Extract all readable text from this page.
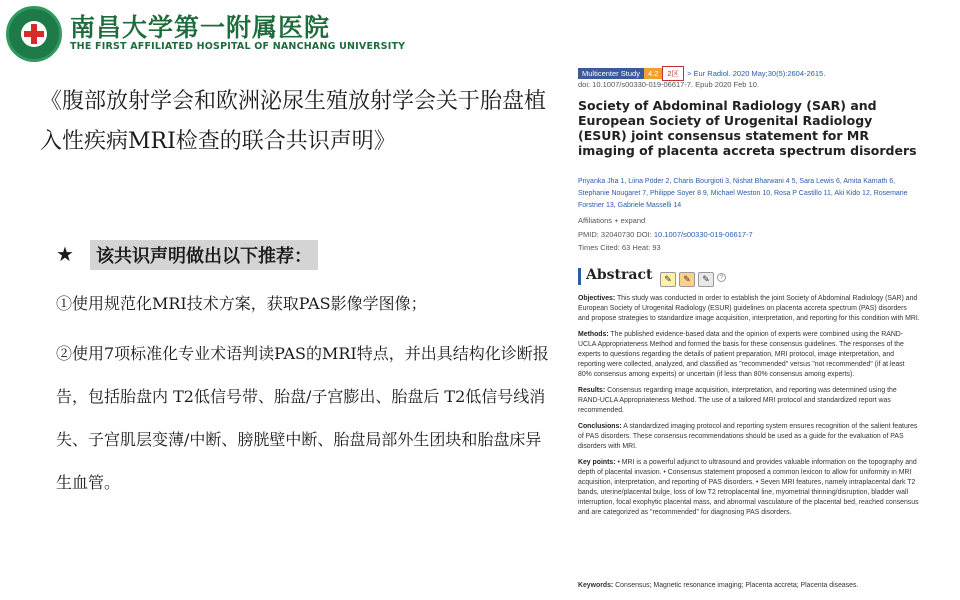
南昌大学第一附属医院
THE FIRST AFFILIATED HOSPITAL OF NANCHANG UNIVERSITY
《腹部放射学会和欧洲泌尿生殖放射学会关于胎盘植入性疾病MRI检查的联合共识声明》
★	该共识声明做出以下推荐：
①使用规范化MRI技术方案，获取PAS影像学图像；
②使用7项标准化专业术语判读PAS的MRI特点，并出具结构化诊断报告，包括胎盘内 T2低信号带、胎盘/子宫膨出、胎盘后 T2低信号线消失、子宫肌层变薄/中断、膀胱壁中断、胎盘局部外生团块和胎盘床异生血管。
Multicenter Study 4.2 2区 > Eur Radiol. 2020 May;30(5):2604-2615.
doi: 10.1007/s00330-019-06617-7. Epub 2020 Feb 10.
Society of Abdominal Radiology (SAR) and European Society of Urogenital Radiology (ESUR) joint consensus statement for MR imaging of placenta accreta spectrum disorders
Priyanka Jha 1, Liina Pöder 2, Charis Bourgioti 3, Nishat Bharwani 4 5, Sara Lewis 6, Amita Kamath 6, Stephanie Nougaret 7, Philippe Soyer 8 9, Michael Weston 10, Rosa P Castillo 11, Aki Kido 12, Rosemarie Forstner 13, Gabriele Masselli 14
Affiliations + expand
PMID: 32040730 DOI: 10.1007/s00330-019-06617-7
Times Cited: 63 Heat: 93
Abstract	✎ ✎ ✎ ?

Objectives: This study was conducted in order to establish the joint Society of Abdominal Radiology (SAR) and European Society of Urogenital Radiology (ESUR) guidelines on placenta accreta spectrum (PAS) disorders and propose strategies to standardize image acquisition, interpretation, and reporting for this condition with MRI.

Methods: The published evidence-based data and the opinion of experts were combined using the RAND-UCLA Appropriateness Method and formed the basis for these consensus guidelines. The responses of the experts to questions regarding the details of patient preparation, MRI protocol, image interpretation, and reporting were collected, analyzed, and classified as "recommended" versus "not recommended" (if at least 80% consensus among experts) or uncertain (if less than 80% consensus among experts).

Results: Consensus regarding image acquisition, interpretation, and reporting was determined using the RAND-UCLA Appropriateness Method. The use of a tailored MRI protocol and standardized report was recommended.

Conclusions: A standardized imaging protocol and reporting system ensures recognition of the salient features of PAS disorders. These consensus recommendations should be used as a guide for the evaluation of PAS disorders with MRI.

Key points: • MRI is a powerful adjunct to ultrasound and provides valuable information on the topography and depth of placental invasion. • Consensus statement proposed a common lexicon to allow for uniformity in MRI acquisition, interpretation, and reporting of PAS disorders. • Seven MRI features, namely intraplacental dark T2 bands, uterine/placental bulge, loss of low T2 retroplacental line, myometrial thinning/disruption, bladder wall interruption, focal exophytic placental mass, and abnormal vasculature of the placental bed, reached consensus and are categorized as "recommended" for diagnosing PAS disorders.

Keywords: Consensus; Magnetic resonance imaging; Placenta accreta; Placenta diseases.
